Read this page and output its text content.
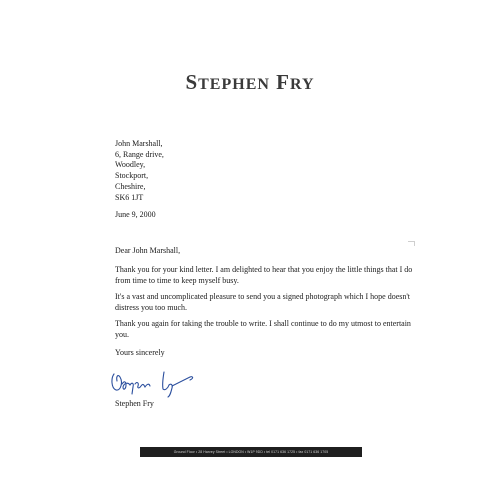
STEPHEN FRY
John Marshall,
6, Range drive,
Woodley,
Stockport,
Cheshire,
SK6 1JT
June 9, 2000
Dear John Marshall,
Thank you for your kind letter. I am delighted to hear that you enjoy the little things that I do from time to time to keep myself busy.
It's a vast and uncomplicated pleasure to send you a signed photograph which I hope doesn't distress you too much.
Thank you again for taking the trouble to write. I shall continue to do my utmost to entertain you.
Yours sincerely
Stephen Fry
Ground Floor • 28 Harvey Street • LONDON • W1P 9DD • tel 0171 636 1725 • fax 0171 636 1705
